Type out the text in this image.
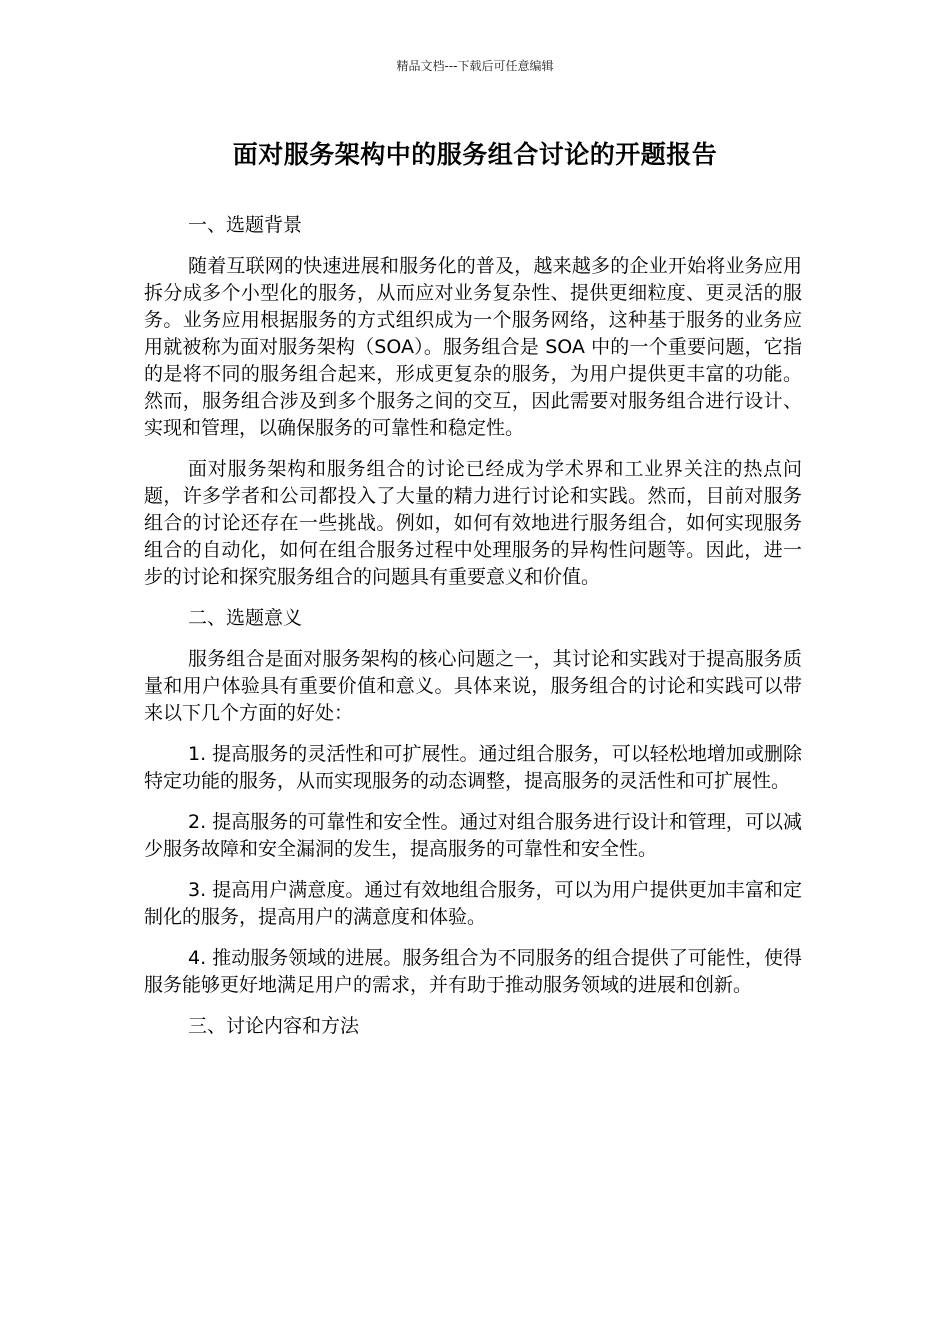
精品文档---下载后可任意编辑
面对服务架构中的服务组合讨论的开题报告

一、选题背景

随着互联网的快速进展和服务化的普及，越来越多的企业开始将业务应用拆分成多个小型化的服务，从而应对业务复杂性、提供更细粒度、更灵活的服务。业务应用根据服务的方式组织成为一个服务网络，这种基于服务的业务应用就被称为面对服务架构（SOA）。服务组合是 SOA 中的一个重要问题，它指的是将不同的服务组合起来，形成更复杂的服务，为用户提供更丰富的功能。然而，服务组合涉及到多个服务之间的交互，因此需要对服务组合进行设计、实现和管理，以确保服务的可靠性和稳定性。

面对服务架构和服务组合的讨论已经成为学术界和工业界关注的热点问题，许多学者和公司都投入了大量的精力进行讨论和实践。然而，目前对服务组合的讨论还存在一些挑战。例如，如何有效地进行服务组合，如何实现服务组合的自动化，如何在组合服务过程中处理服务的异构性问题等。因此，进一步的讨论和探究服务组合的问题具有重要意义和价值。

二、选题意义

服务组合是面对服务架构的核心问题之一，其讨论和实践对于提高服务质量和用户体验具有重要价值和意义。具体来说，服务组合的讨论和实践可以带来以下几个方面的好处：

1. 提高服务的灵活性和可扩展性。通过组合服务，可以轻松地增加或删除特定功能的服务，从而实现服务的动态调整，提高服务的灵活性和可扩展性。

2. 提高服务的可靠性和安全性。通过对组合服务进行设计和管理，可以减少服务故障和安全漏洞的发生，提高服务的可靠性和安全性。

3. 提高用户满意度。通过有效地组合服务，可以为用户提供更加丰富和定制化的服务，提高用户的满意度和体验。

4. 推动服务领域的进展。服务组合为不同服务的组合提供了可能性，使得服务能够更好地满足用户的需求，并有助于推动服务领域的进展和创新。

三、讨论内容和方法
